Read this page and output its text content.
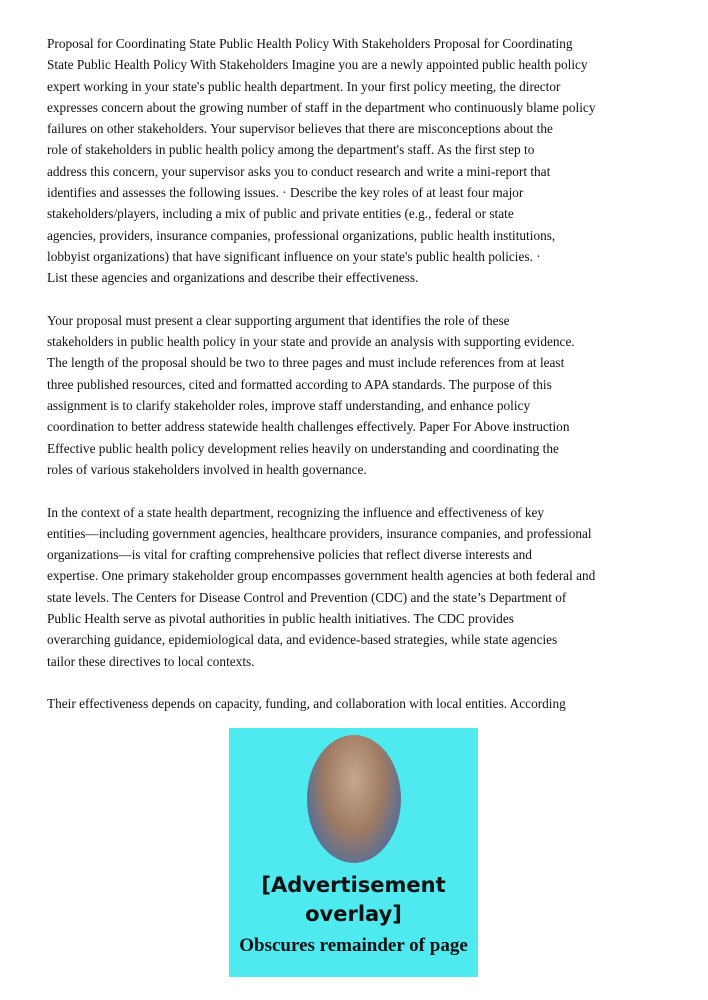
Proposal for Coordinating State Public Health Policy With Stakeholders Proposal for Coordinating
State Public Health Policy With Stakeholders Imagine you are a newly appointed public health policy
expert working in your state's public health department. In your first policy meeting, the director
expresses concern about the growing number of staff in the department who continuously blame policy
failures on other stakeholders. Your supervisor believes that there are misconceptions about the
role of stakeholders in public health policy among the department's staff. As the first step to
address this concern, your supervisor asks you to conduct research and write a mini-report that
identifies and assesses the following issues. · Describe the key roles of at least four major
stakeholders/players, including a mix of public and private entities (e.g., federal or state
agencies, providers, insurance companies, professional organizations, public health institutions,
lobbyist organizations) that have significant influence on your state's public health policies. ·
List these agencies and organizations and describe their effectiveness.

Your proposal must present a clear supporting argument that identifies the role of these
stakeholders in public health policy in your state and provide an analysis with supporting evidence.
The length of the proposal should be two to three pages and must include references from at least
three published resources, cited and formatted according to APA standards. The purpose of this
assignment is to clarify stakeholder roles, improve staff understanding, and enhance policy
coordination to better address statewide health challenges effectively. Paper For Above instruction
Effective public health policy development relies heavily on understanding and coordinating the
roles of various stakeholders involved in health governance.

In the context of a state health department, recognizing the influence and effectiveness of key
entities—including government agencies, healthcare providers, insurance companies, and professional
organizations—is vital for crafting comprehensive policies that reflect diverse interests and
expertise. One primary stakeholder group encompasses government health agencies at both federal and
state levels. The Centers for Disease Control and Prevention (CDC) and the state’s Department of
Public Health serve as pivotal authorities in public health initiatives. The CDC provides
overarching guidance, epidemiological data, and evidence-based strategies, while state agencies
tailor these directives to local contexts.

Their effectiveness depends on capacity, funding, and collaboration with local entities. According

[Advertisement overlay]
Obscures remainder of page
